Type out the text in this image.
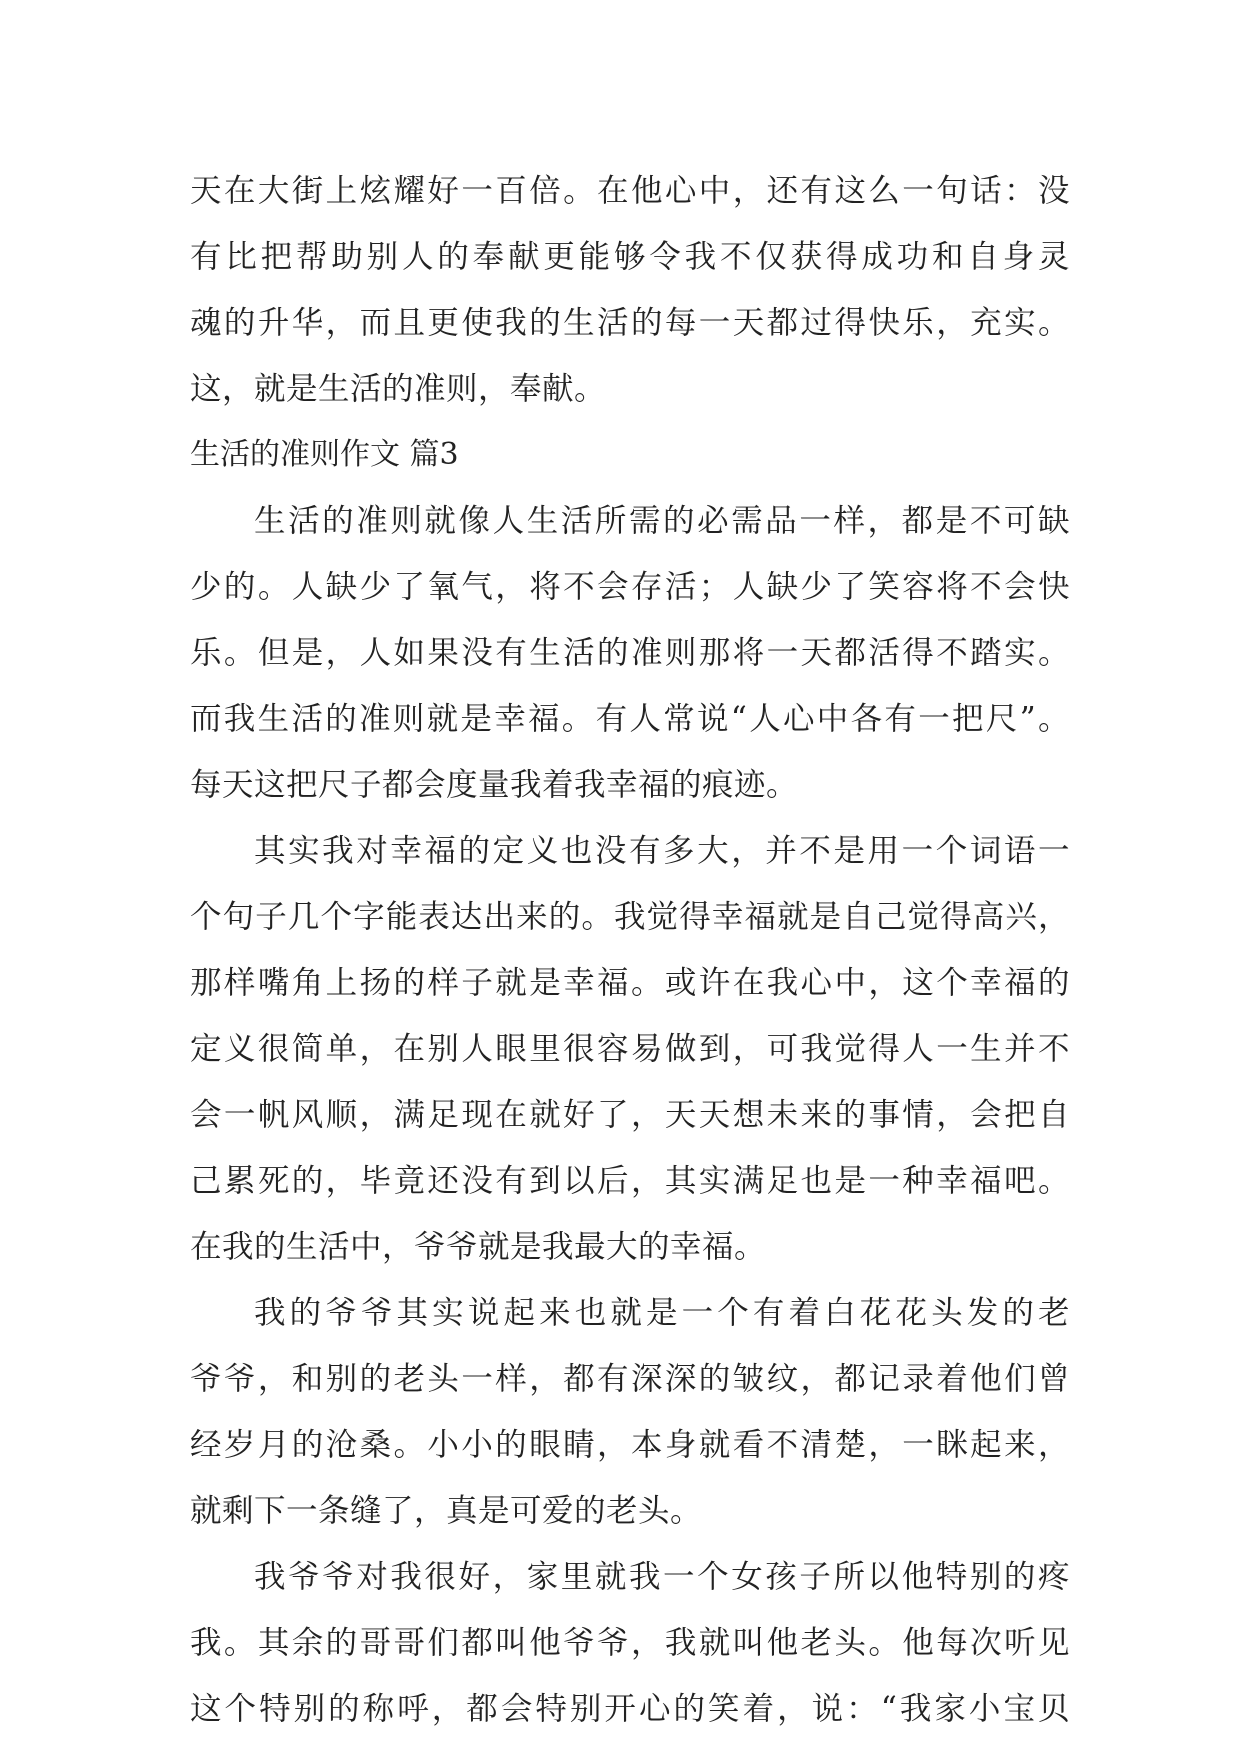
天在大街上炫耀好一百倍。在他心中，还有这么一句话：没
有比把帮助别人的奉献更能够令我不仅获得成功和自身灵
魂的升华，而且更使我的生活的每一天都过得快乐，充实。
这，就是生活的准则，奉献。
生活的准则作文 篇3
生活的准则就像人生活所需的必需品一样，都是不可缺
少的。人缺少了氧气，将不会存活；人缺少了笑容将不会快
乐。但是，人如果没有生活的准则那将一天都活得不踏实。
而我生活的准则就是幸福。有人常说“人心中各有一把尺”。
每天这把尺子都会度量我着我幸福的痕迹。
其实我对幸福的定义也没有多大，并不是用一个词语一
个句子几个字能表达出来的。我觉得幸福就是自己觉得高兴，
那样嘴角上扬的样子就是幸福。或许在我心中，这个幸福的
定义很简单，在别人眼里很容易做到，可我觉得人一生并不
会一帆风顺，满足现在就好了，天天想未来的事情，会把自
己累死的，毕竟还没有到以后，其实满足也是一种幸福吧。
在我的生活中，爷爷就是我最大的幸福。
我的爷爷其实说起来也就是一个有着白花花头发的老
爷爷，和别的老头一样，都有深深的皱纹，都记录着他们曾
经岁月的沧桑。小小的眼睛，本身就看不清楚，一眯起来，
就剩下一条缝了，真是可爱的老头。
我爷爷对我很好，家里就我一个女孩子所以他特别的疼
我。其余的哥哥们都叫他爷爷，我就叫他老头。他每次听见
这个特别的称呼，都会特别开心的笑着，说：“我家小宝贝
